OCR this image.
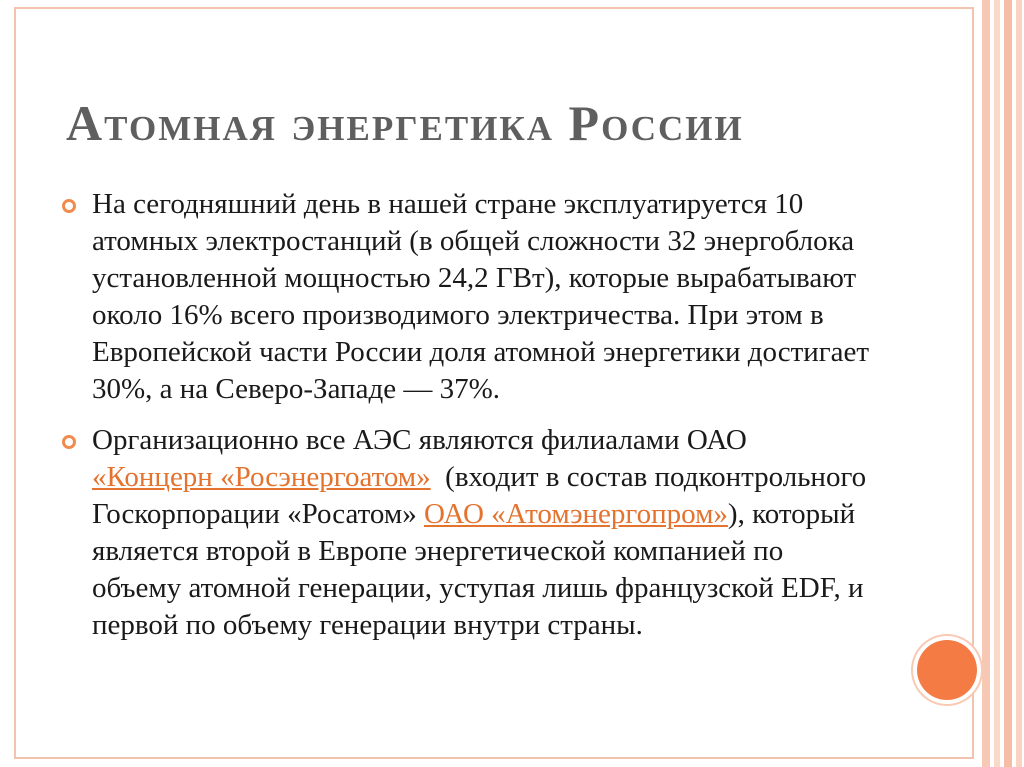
Атомная энергетика России
На сегодняшний день в нашей стране эксплуатируется 10 атомных электростанций (в общей сложности 32 энергоблока установленной мощностью 24,2 ГВт), которые вырабатывают около 16% всего производимого электричества. При этом в Европейской части России доля атомной энергетики достигает 30%, а на Северо-Западе — 37%.
Организационно все АЭС являются филиалами ОАО «Концерн «Росэнергоатом»  (входит в состав подконтрольного Госкорпорации «Росатом» ОАО «Атомэнергопром»), который  является второй в Европе энергетической компанией по объему атомной генерации, уступая лишь французской EDF, и первой по объему генерации внутри страны.
